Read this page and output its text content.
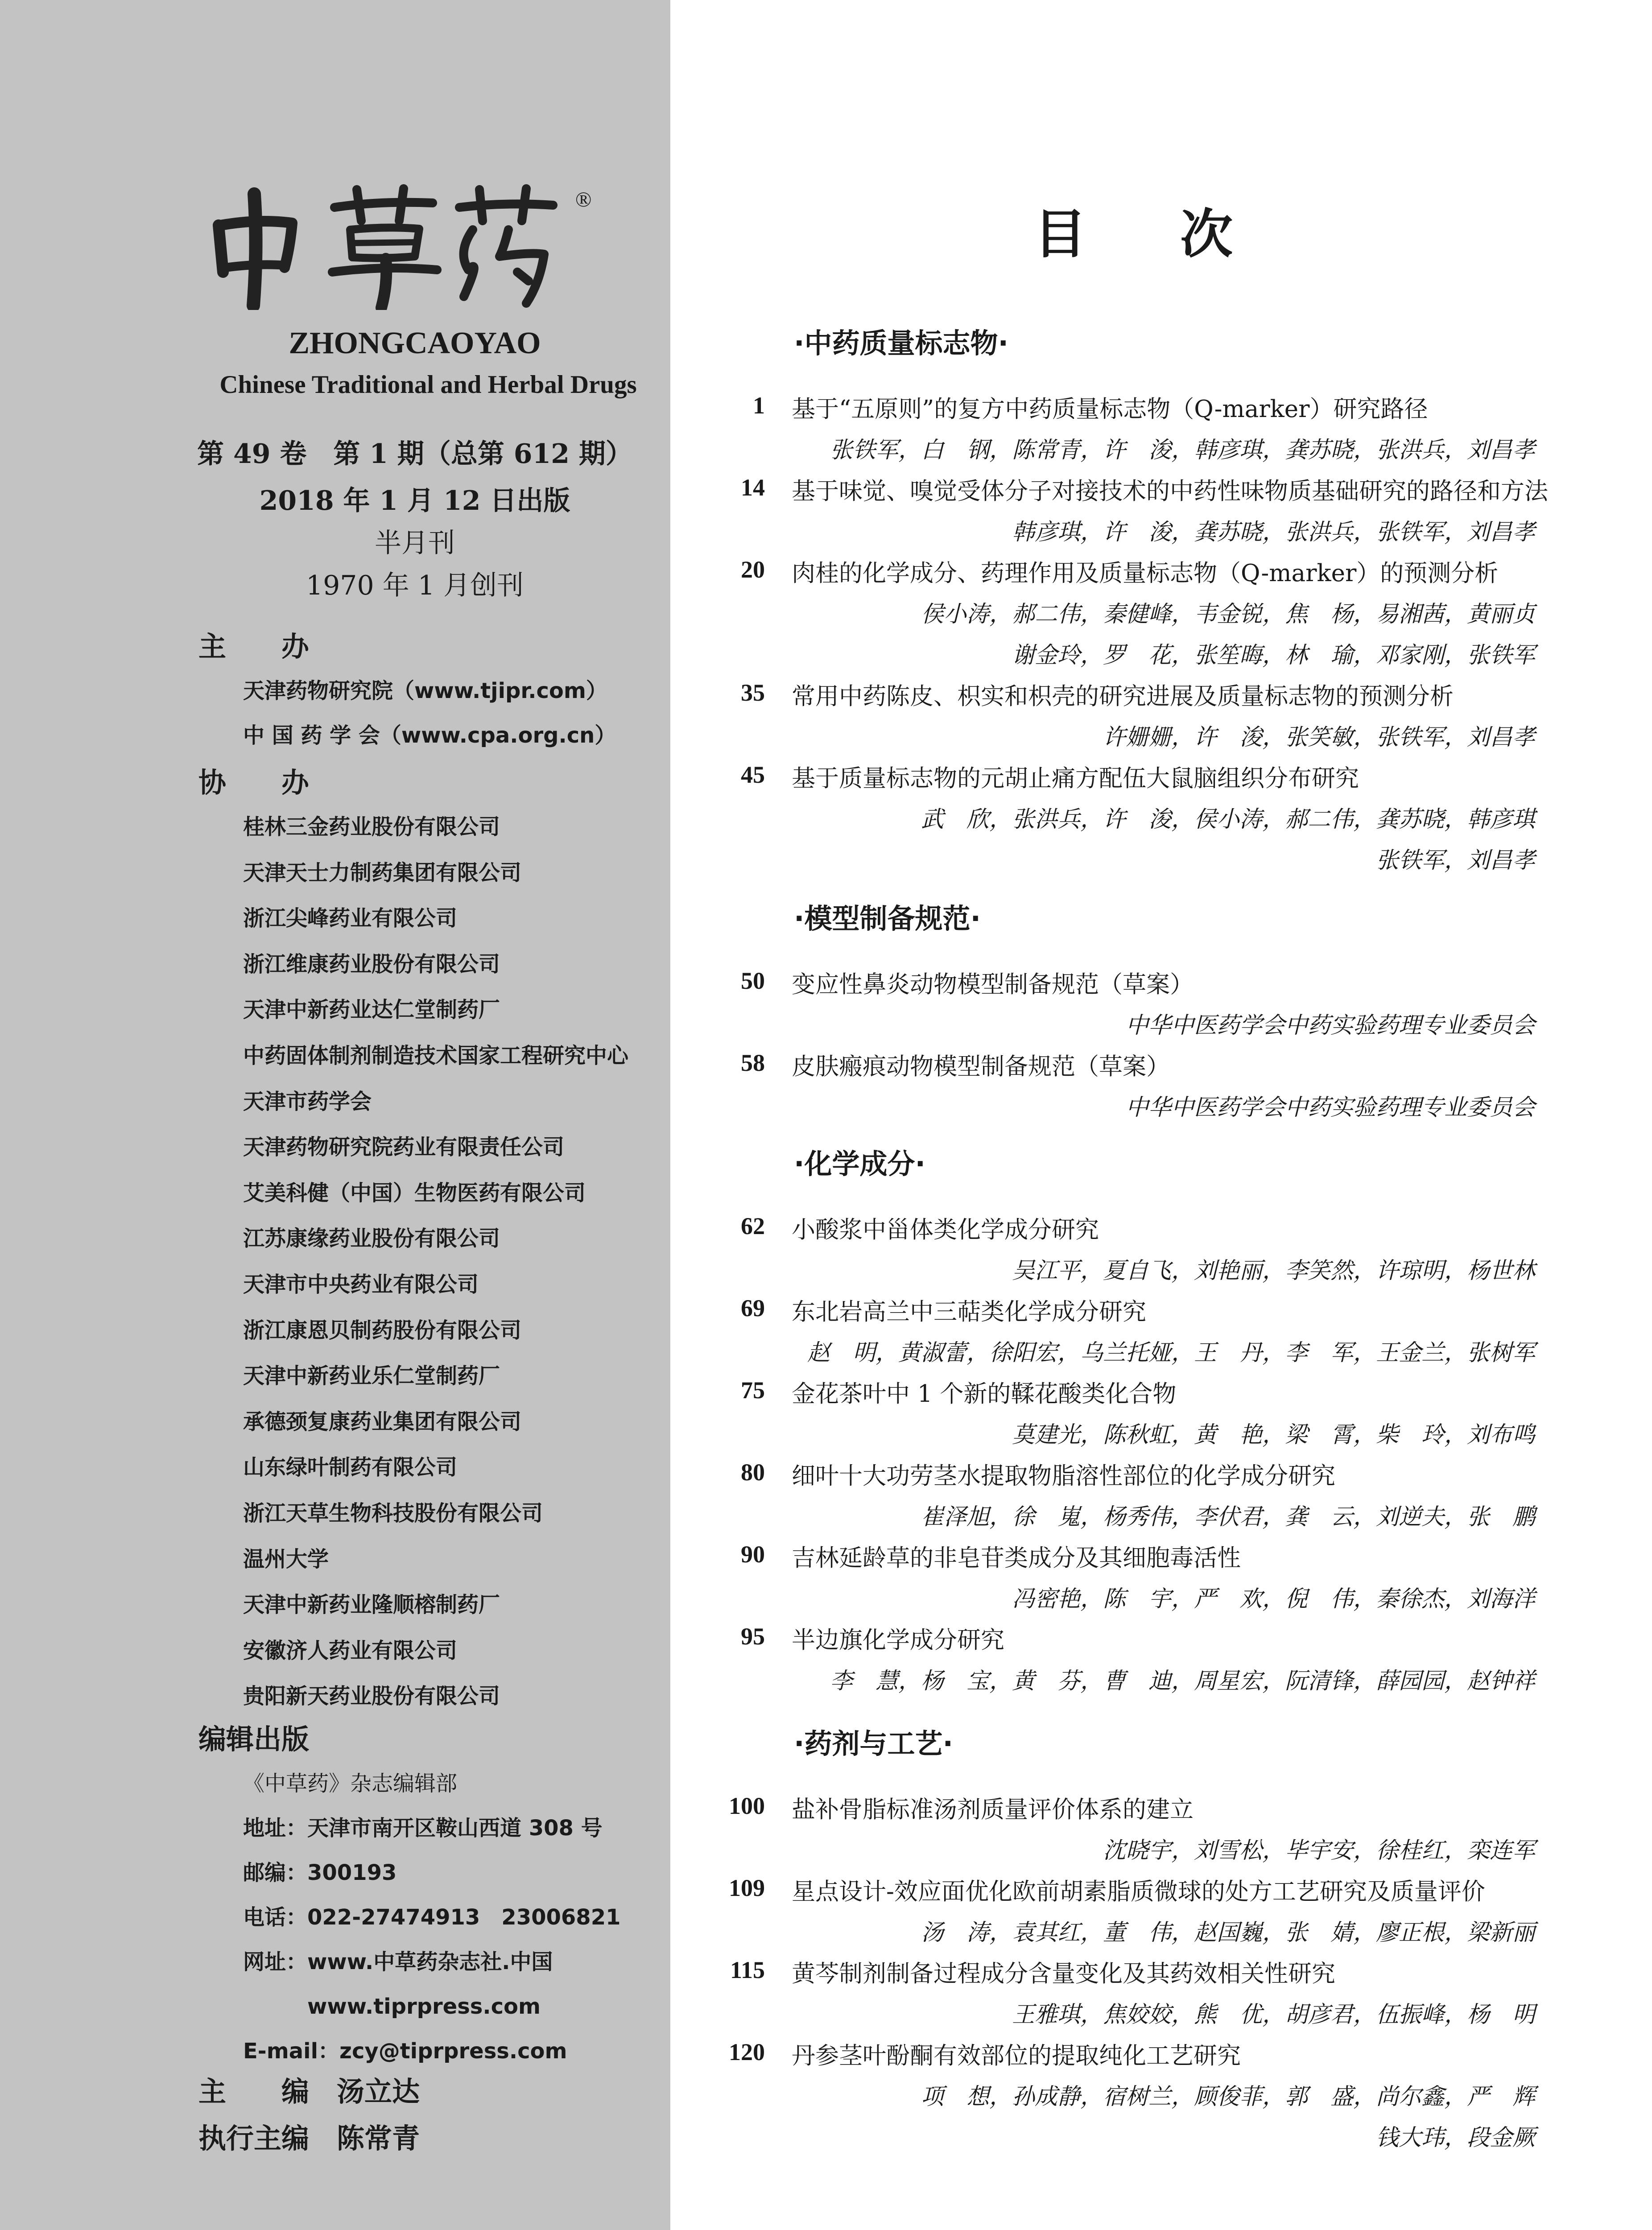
®
ZHONGCAOYAO
Chinese Traditional and Herbal Drugs
第 49 卷　第 1 期（总第 612 期）
2018 年 1 月 12 日出版
半月刊
1970 年 1 月创刊
主　　办
天津药物研究院（www.tjipr.com）
中 国 药 学 会（www.cpa.org.cn）
协　　办
桂林三金药业股份有限公司
天津天士力制药集团有限公司
浙江尖峰药业有限公司
浙江维康药业股份有限公司
天津中新药业达仁堂制药厂
中药固体制剂制造技术国家工程研究中心
天津市药学会
天津药物研究院药业有限责任公司
艾美科健（中国）生物医药有限公司
江苏康缘药业股份有限公司
天津市中央药业有限公司
浙江康恩贝制药股份有限公司
天津中新药业乐仁堂制药厂
承德颈复康药业集团有限公司
山东绿叶制药有限公司
浙江天草生物科技股份有限公司
温州大学
天津中新药业隆顺榕制药厂
安徽济人药业有限公司
贵阳新天药业股份有限公司
编辑出版
《中草药》杂志编辑部
地址：天津市南开区鞍山西道 308 号
邮编：300193
电话：022-27474913　23006821
网址：www.中草药杂志社.中国
　　　www.tiprpress.com
E-mail：zcy@tiprpress.com
主　　编　汤立达
执行主编　陈常青
目次
·中药质量标志物·
1 基于“五原则”的复方中药质量标志物（Q-marker）研究路径
张铁军，白　钢，陈常青，许　浚，韩彦琪，龚苏晓，张洪兵，刘昌孝
14 基于味觉、嗅觉受体分子对接技术的中药性味物质基础研究的路径和方法
韩彦琪，许　浚，龚苏晓，张洪兵，张铁军，刘昌孝
20 肉桂的化学成分、药理作用及质量标志物（Q-marker）的预测分析
侯小涛，郝二伟，秦健峰，韦金锐，焦　杨，易湘茜，黄丽贞
谢金玲，罗　花，张笙晦，林　瑜，邓家刚，张铁军
35 常用中药陈皮、枳实和枳壳的研究进展及质量标志物的预测分析
许姗姗，许　浚，张笑敏，张铁军，刘昌孝
45 基于质量标志物的元胡止痛方配伍大鼠脑组织分布研究
武　欣，张洪兵，许　浚，侯小涛，郝二伟，龚苏晓，韩彦琪
张铁军，刘昌孝
·模型制备规范·
50 变应性鼻炎动物模型制备规范（草案）
中华中医药学会中药实验药理专业委员会
58 皮肤瘢痕动物模型制备规范（草案）
中华中医药学会中药实验药理专业委员会
·化学成分·
62 小酸浆中甾体类化学成分研究
吴江平，夏自飞，刘艳丽，李笑然，许琼明，杨世林
69 东北岩高兰中三萜类化学成分研究
赵　明，黄淑蕾，徐阳宏，乌兰托娅，王　丹，李　军，王金兰，张树军
75 金花茶叶中 1 个新的鞣花酸类化合物
莫建光，陈秋虹，黄　艳，梁　霄，柴　玲，刘布鸣
80 细叶十大功劳茎水提取物脂溶性部位的化学成分研究
崔泽旭，徐　嵬，杨秀伟，李伏君，龚　云，刘逆夫，张　鹏
90 吉林延龄草的非皂苷类成分及其细胞毒活性
冯密艳，陈　宇，严　欢，倪　伟，秦徐杰，刘海洋
95 半边旗化学成分研究
李　慧，杨　宝，黄　芬，曹　迪，周星宏，阮清锋，薛园园，赵钟祥
·药剂与工艺·
100 盐补骨脂标准汤剂质量评价体系的建立
沈晓宇，刘雪松，毕宇安，徐桂红，栾连军
109 星点设计-效应面优化欧前胡素脂质微球的处方工艺研究及质量评价
汤　涛，袁其红，董　伟，赵国巍，张　婧，廖正根，梁新丽
115 黄芩制剂制备过程成分含量变化及其药效相关性研究
王雅琪，焦姣姣，熊　优，胡彦君，伍振峰，杨　明
120 丹参茎叶酚酮有效部位的提取纯化工艺研究
项　想，孙成静，宿树兰，顾俊菲，郭　盛，尚尔鑫，严　辉
钱大玮，段金厥
